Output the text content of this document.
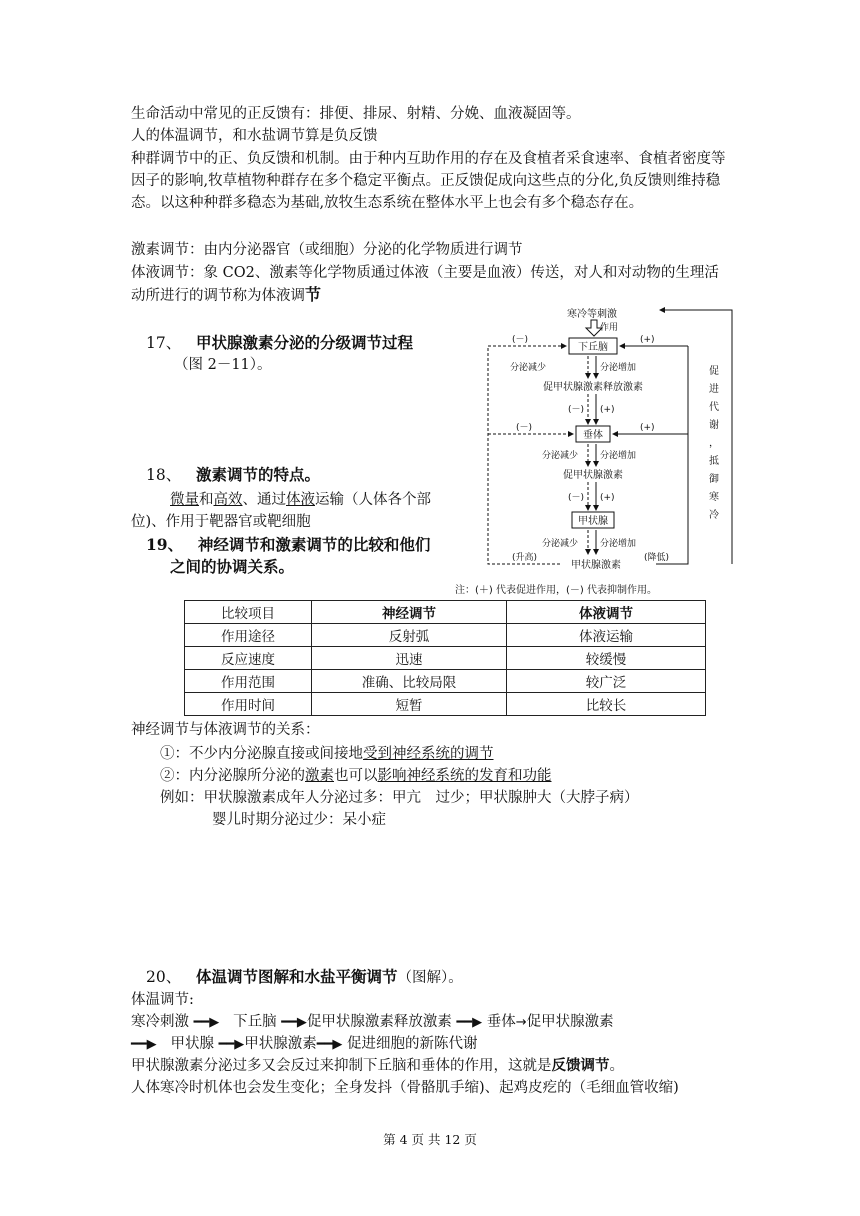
生命活动中常见的正反馈有：排便、排尿、射精、分娩、血液凝固等。
人的体温调节，和水盐调节算是负反馈
种群调节中的正、负反馈和机制。由于种内互助作用的存在及食植者采食速率、食植者密度等因子的影响,牧草植物种群存在多个稳定平衡点。正反馈促成向这些点的分化,负反馈则维持稳态。以这种种群多稳态为基础,放牧生态系统在整体水平上也会有多个稳态存在。
激素调节：由内分泌器官（或细胞）分泌的化学物质进行调节
体液调节：象 CO2、激素等化学物质通过体液（主要是血液）传送，对人和对动物的生理活动所进行的调节称为体液调节
17、 甲状腺激素分泌的分级调节过程
（图 2－11）。
18、 激素调节的特点。
微量和高效、通过体液运输（人体各个部
位)、作用于靶器官或靶细胞
19、 神经调节和激素调节的比较和他们
之间的协调关系。
寒冷等刺激
作用
下丘脑
分泌减少	分泌增加
促甲状腺激素释放激素
(－) (+)
垂体
分泌减少 分泌增加
促甲状腺激素
(－) (+)
甲状腺
分泌减少 分泌增加
甲状腺激素
(－)	(+)
(－)	(+)
(升高)	(降低)
促
进
代
谢
，
抵
御
寒
冷
注：(＋) 代表促进作用，(－) 代表抑制作用。
比较项目	神经调节	体液调节
作用途径	反射弧	体液运输
反应速度	迅速	较缓慢
作用范围	准确、比较局限	较广泛
作用时间	短暂	比较长
神经调节与体液调节的关系：
①：不少内分泌腺直接或间接地受到神经系统的调节
②：内分泌腺所分泌的激素也可以影响神经系统的发育和功能
例如：甲状腺激素成年人分泌过多：甲亢　过少；甲状腺肿大（大脖子病）
婴儿时期分泌过少：呆小症
20、 体温调节图解和水盐平衡调节（图解）。
体温调节:
寒冷刺激 ━━▶ 下丘脑 ━━▶促甲状腺激素释放激素 ━━▶ 垂体→促甲状腺激素
━━▶ 甲状腺 ━━▶甲状腺激素━━▶ 促进细胞的新陈代谢
甲状腺激素分泌过多又会反过来抑制下丘脑和垂体的作用，这就是反馈调节。
人体寒冷时机体也会发生变化；全身发抖（骨骼肌手缩)、起鸡皮疙的（毛细血管收缩)
第 4 页 共 12 页
